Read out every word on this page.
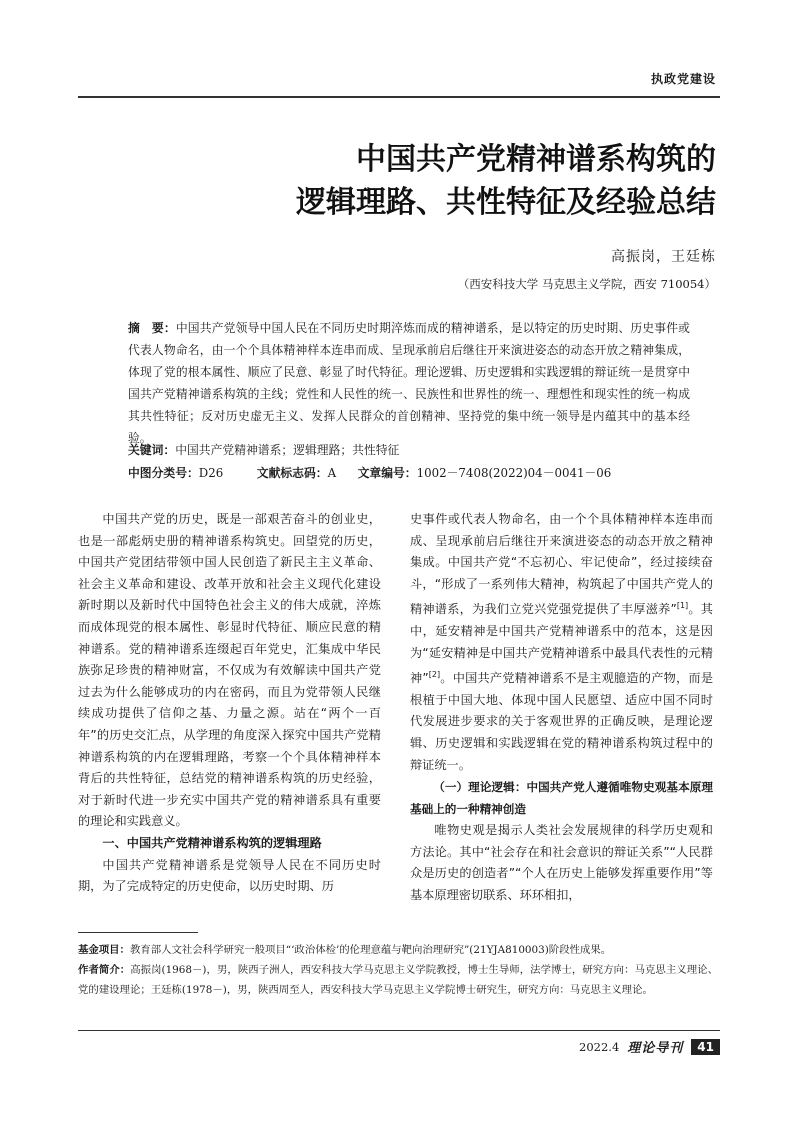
执政党建设
中国共产党精神谱系构筑的
逻辑理路、共性特征及经验总结
高振岗，王廷栋
（西安科技大学 马克思主义学院，西安 710054）
摘　要：中国共产党领导中国人民在不同历史时期淬炼而成的精神谱系，是以特定的历史时期、历史事件或代表人物命名，由一个个具体精神样本连串而成、呈现承前启后继往开来演进姿态的动态开放之精神集成，体现了党的根本属性、顺应了民意、彰显了时代特征。理论逻辑、历史逻辑和实践逻辑的辩证统一是贯穿中国共产党精神谱系构筑的主线；党性和人民性的统一、民族性和世界性的统一、理想性和现实性的统一构成其共性特征；反对历史虚无主义、发挥人民群众的首创精神、坚持党的集中统一领导是内蕴其中的基本经验。
关键词：中国共产党精神谱系；逻辑理路；共性特征
中图分类号：D26	文献标志码：A 文章编号：1002－7408(2022)04－0041－06

中国共产党的历史，既是一部艰苦奋斗的创业史，也是一部彪炳史册的精神谱系构筑史。回望党的历史，中国共产党团结带领中国人民创造了新民主主义革命、社会主义革命和建设、改革开放和社会主义现代化建设新时期以及新时代中国特色社会主义的伟大成就，淬炼而成体现党的根本属性、彰显时代特征、顺应民意的精神谱系。党的精神谱系连缀起百年党史，汇集成中华民族弥足珍贵的精神财富，不仅成为有效解读中国共产党过去为什么能够成功的内在密码，而且为党带领人民继续成功提供了信仰之基、力量之源。站在“两个一百年”的历史交汇点，从学理的角度深入探究中国共产党精神谱系构筑的内在逻辑理路，考察一个个具体精神样本背后的共性特征，总结党的精神谱系构筑的历史经验，对于新时代进一步充实中国共产党的精神谱系具有重要的理论和实践意义。

一、中国共产党精神谱系构筑的逻辑理路

中国共产党精神谱系是党领导人民在不同历史时期，为了完成特定的历史使命，以历史时期、历

史事件或代表人物命名，由一个个具体精神样本连串而成、呈现承前启后继往开来演进姿态的动态开放之精神集成。中国共产党“不忘初心、牢记使命”，经过接续奋斗，“形成了一系列伟大精神，构筑起了中国共产党人的精神谱系，为我们立党兴党强党提供了丰厚滋养”[1]。其中，延安精神是中国共产党精神谱系中的范本，这是因为“延安精神是中国共产党精神谱系中最具代表性的元精神”[2]。中国共产党精神谱系不是主观臆造的产物，而是根植于中国大地、体现中国人民愿望、适应中国不同时代发展进步要求的关于客观世界的正确反映，是理论逻辑、历史逻辑和实践逻辑在党的精神谱系构筑过程中的辩证统一。

（一）理论逻辑：中国共产党人遵循唯物史观基本原理基础上的一种精神创造

唯物史观是揭示人类社会发展规律的科学历史观和方法论。其中“社会存在和社会意识的辩证关系”“人民群众是历史的创造者”“个人在历史上能够发挥重要作用”等基本原理密切联系、环环相扣，

基金项目：教育部人文社会科学研究一般项目“‘政治体检’的伦理意蕴与靶向治理研究”(21YJA810003)阶段性成果。
作者简介：高振岗(1968－)，男，陕西子洲人，西安科技大学马克思主义学院教授，博士生导师，法学博士，研究方向：马克思主义理论、党的建设理论；王廷栋(1978－)，男，陕西周至人，西安科技大学马克思主义学院博士研究生，研究方向：马克思主义理论。
2022.4 理论导刊	41
